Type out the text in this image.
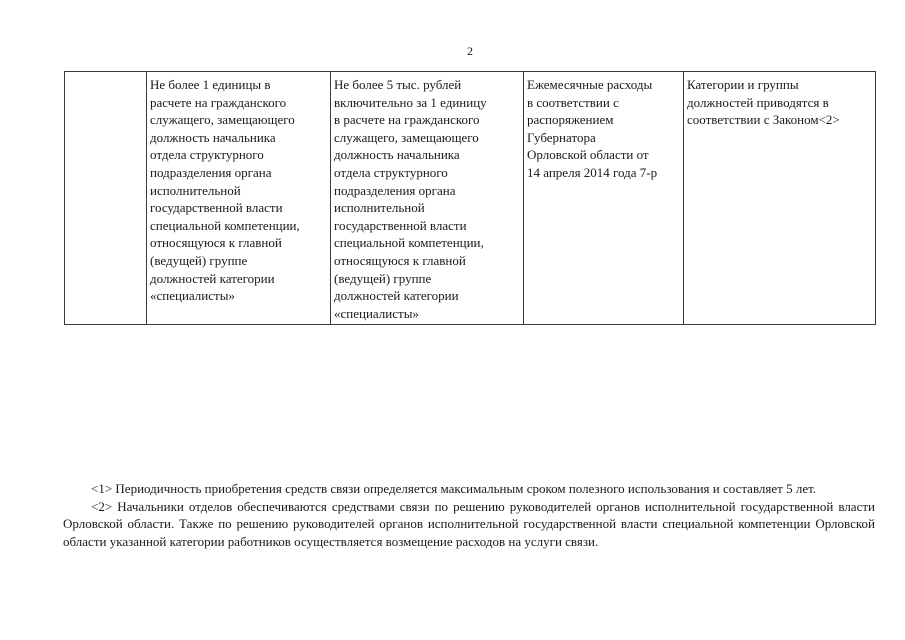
2
	Не более 1 единицы в
расчете на гражданского
служащего, замещающего
должность начальника
отдела структурного
подразделения органа
исполнительной
государственной власти
специальной компетенции,
относящуюся к главной
(ведущей) группе
должностей категории
«специалисты»	Не более 5 тыс. рублей
включительно за 1 единицу
в расчете на гражданского
служащего, замещающего
должность начальника
отдела структурного
подразделения органа
исполнительной
государственной власти
специальной компетенции,
относящуюся к главной
(ведущей) группе
должностей категории
«специалисты»	Ежемесячные расходы
в соответствии с
распоряжением
Губернатора
Орловской области от
14 апреля 2014 года 7-р	Категории и группы
должностей приводятся в
соответствии с Законом<2>

<1> Периодичность приобретения средств связи определяется максимальным сроком полезного использования и составляет 5 лет.

<2> Начальники отделов обеспечиваются средствами связи по решению руководителей органов исполнительной государственной власти Орловской области. Также по решению руководителей органов исполнительной государственной власти специальной компетенции Орловской области указанной категории работников осуществляется возмещение расходов на услуги связи.
